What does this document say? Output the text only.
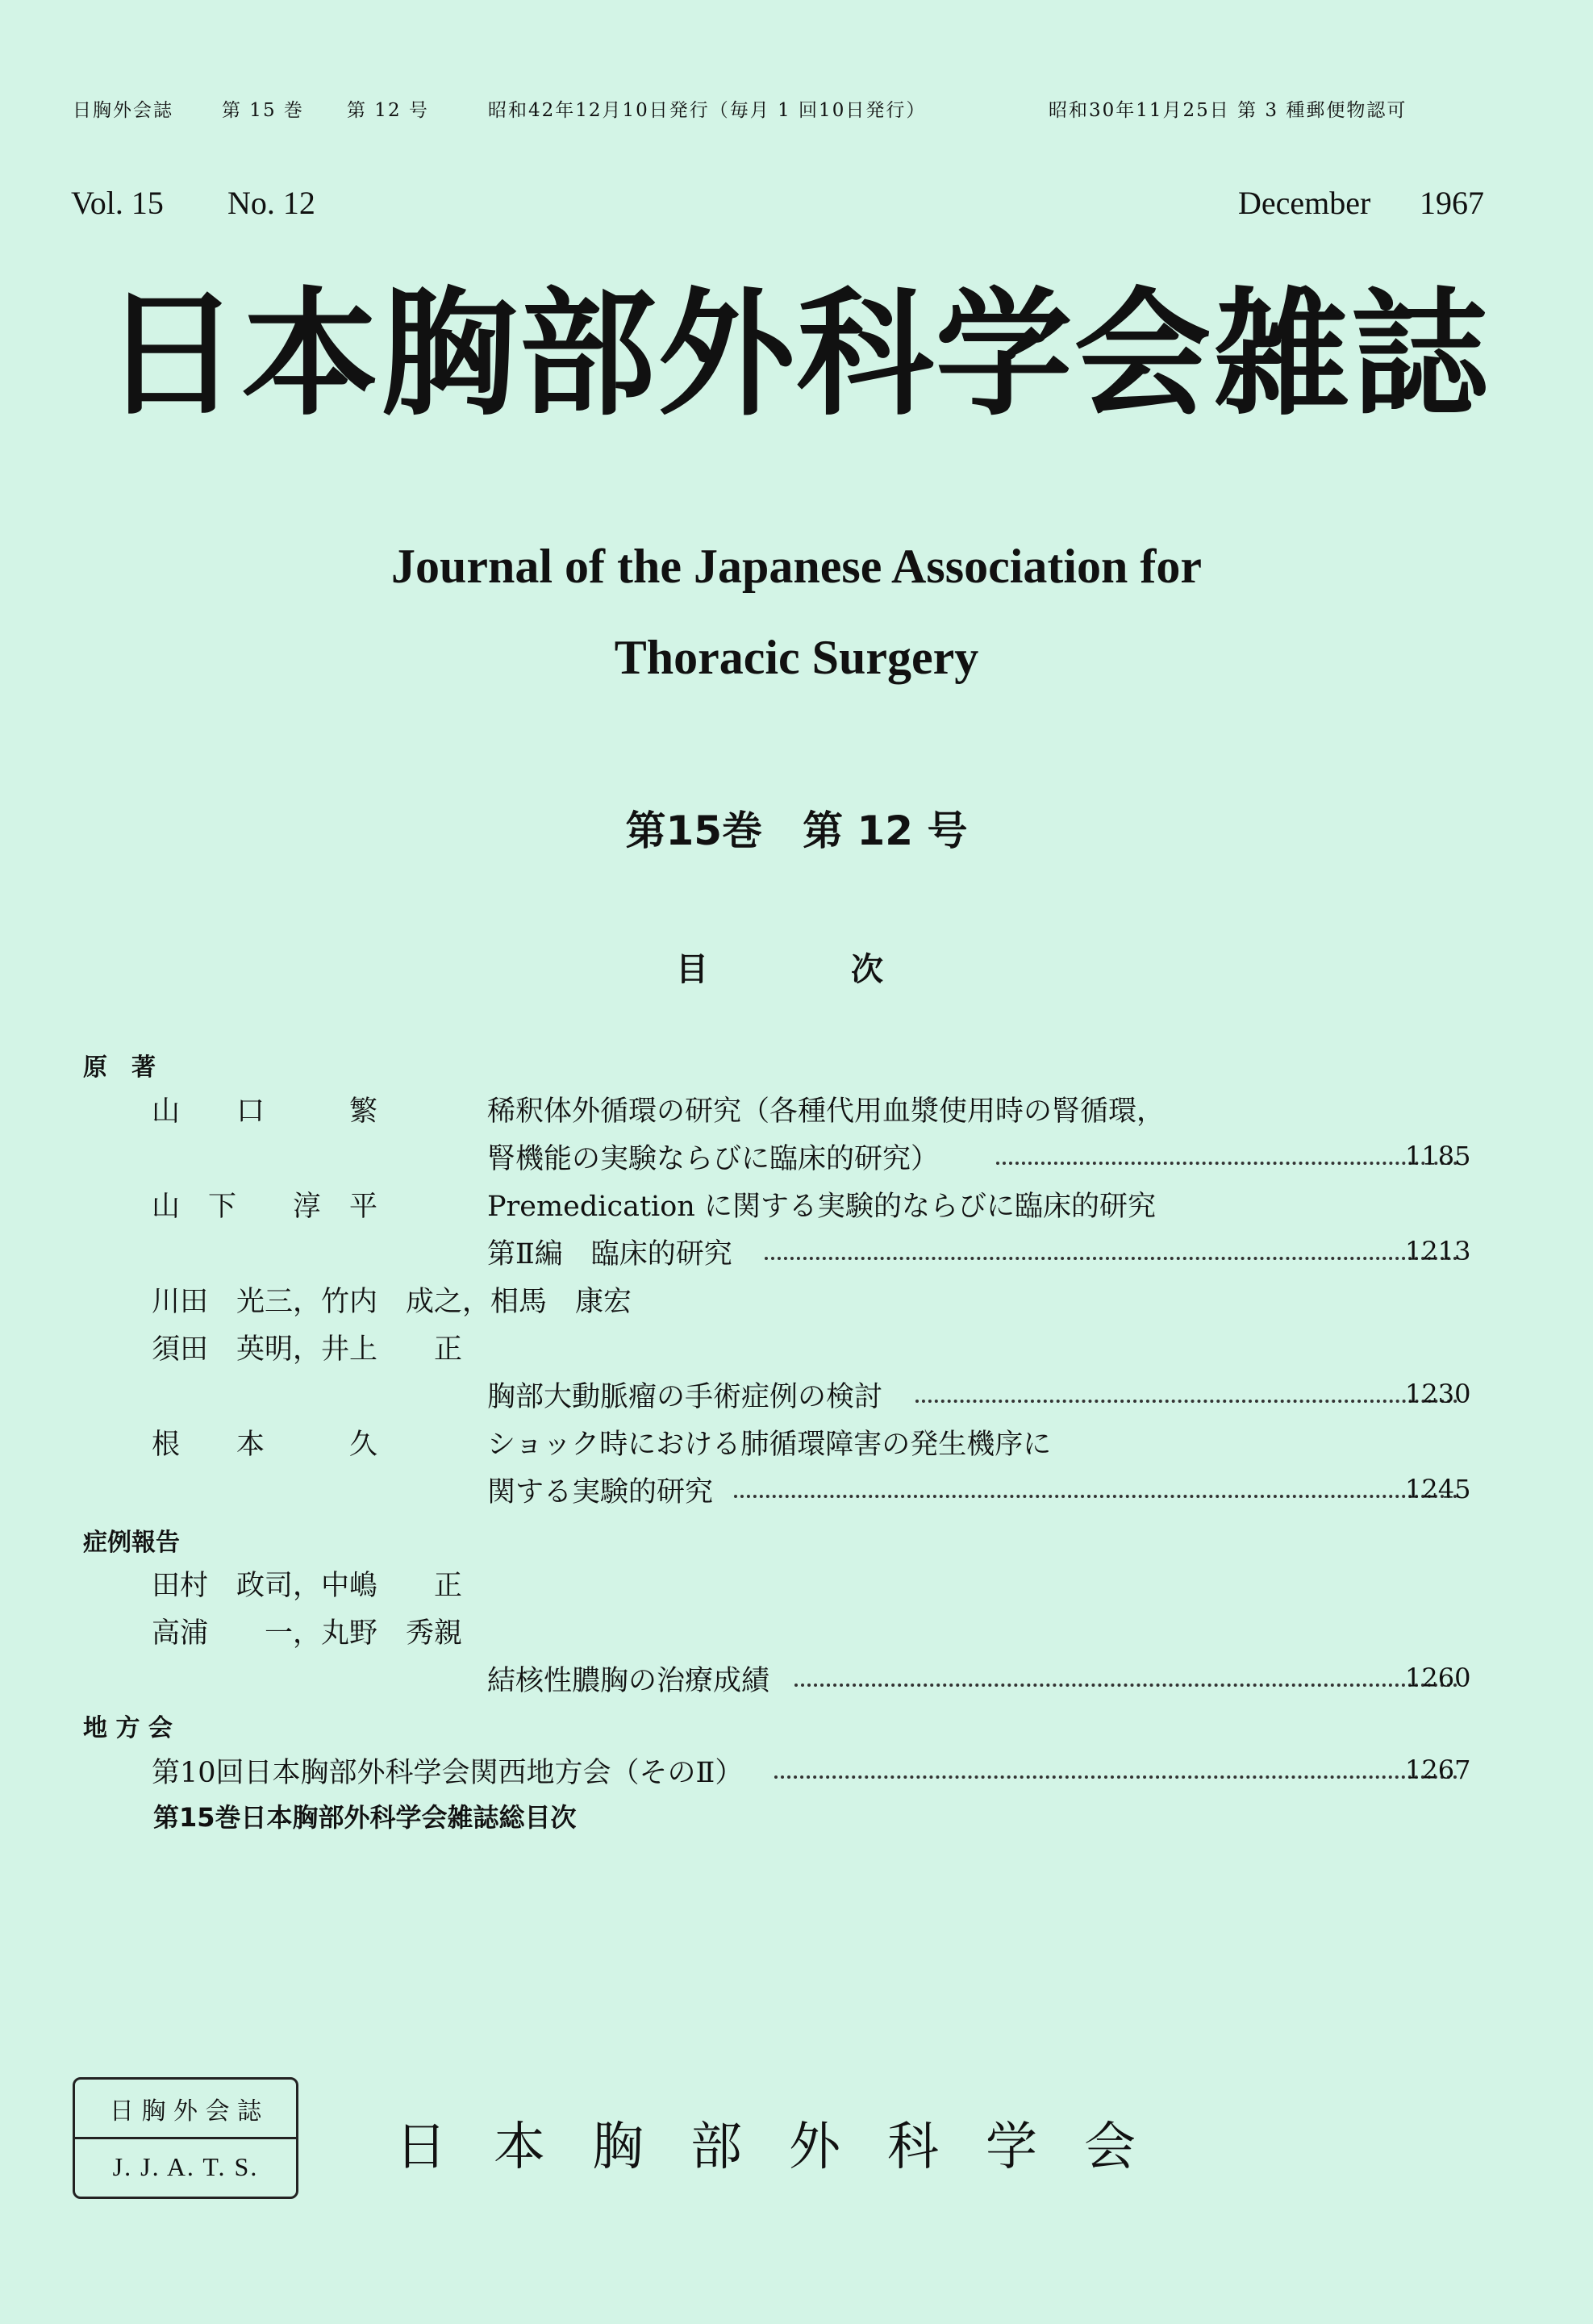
日胸外会誌	第 15 巻 第 12 号	昭和42年12月10日発行（毎月 1 回10日発行）	昭和30年11月25日 第 3 種郵便物認可
Vol. 15 No. 12	December 1967
日本胸部外科学会雑誌
Journal of the Japanese Association for
Thoracic Surgery
第15巻　第 12 号
目	次
原　著
山　　口　　　繁	稀釈体外循環の研究（各種代用血漿使用時の腎循環，
腎機能の実験ならびに臨床的研究）	1185
山　下　　淳　平	Premedication に関する実験的ならびに臨床的研究
第Ⅱ編　臨床的研究	1213
川田　光三，竹内　成之，相馬　康宏
須田　英明，井上　　正
胸部大動脈瘤の手術症例の検討	1230
根　　本　　　久	ショック時における肺循環障害の発生機序に
関する実験的研究	1245
症例報告
田村　政司，中嶋　　正
高浦　　一，丸野　秀親
結核性膿胸の治療成績	1260
地 方 会
第10回日本胸部外科学会関西地方会（そのⅡ）	1267
第15巻日本胸部外科学会雑誌総目次
日 胸 外 会 誌
J. J. A. T. S.	日本胸部外科学会
